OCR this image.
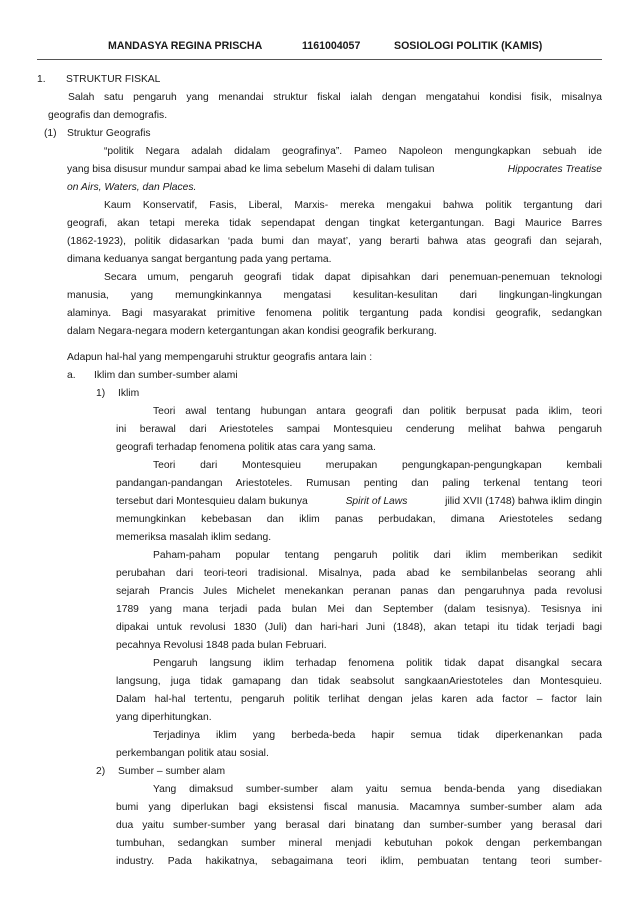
MANDASYA REGINA PRISCHA	1161004057	SOSIOLOGI POLITIK (KAMIS)
1. STRUKTUR FISKAL
Salah satu pengaruh yang menandai struktur fiskal ialah dengan mengatahui kondisi fisik, misalnya
geografis dan demografis.
(1) Struktur Geografis
“politik Negara adalah didalam geografinya”. Pameo Napoleon mengungkapkan sebuah ide
yang bisa disusur mundur sampai abad ke lima sebelum Masehi di dalam tulisan	Hippocrates Treatise
on Airs, Waters, dan Places.
Kaum Konservatif, Fasis, Liberal, Marxis- mereka mengakui bahwa politik tergantung dari
geografi, akan tetapi mereka tidak sependapat dengan tingkat ketergantungan. Bagi Maurice Barres
(1862-1923), politik didasarkan ‘pada bumi dan mayat’, yang berarti bahwa atas geografi dan sejarah,
dimana keduanya sangat bergantung pada yang pertama.
Secara umum, pengaruh geografi tidak dapat dipisahkan dari penemuan-penemuan teknologi
manusia, yang memungkinkannya mengatasi kesulitan-kesulitan dari lingkungan-lingkungan
alaminya. Bagi masyarakat primitive fenomena politik tergantung pada kondisi geografik, sedangkan
dalam Negara-negara modern ketergantungan akan kondisi geografik berkurang.
Adapun hal-hal yang mempengaruhi struktur geografis antara lain :
a. Iklim dan sumber-sumber alami
1) Iklim
Teori awal tentang hubungan antara geografi dan politik berpusat pada iklim, teori
ini berawal dari Ariestoteles sampai Montesquieu cenderung melihat bahwa pengaruh
geografi terhadap fenomena politik atas cara yang sama.
Teori dari Montesquieu merupakan pengungkapan-pengungkapan kembali
pandangan-pandangan Ariestoteles. Rumusan penting dan paling terkenal tentang teori
tersebut dari Montesquieu dalam bukunya	Spirit of Laws	jilid XVII (1748) bahwa iklim dingin
memungkinkan kebebasan dan iklim panas perbudakan, dimana Ariestoteles sedang
memeriksa masalah iklim sedang.
Paham-paham popular tentang pengaruh politik dari iklim memberikan sedikit
perubahan dari teori-teori tradisional. Misalnya, pada abad ke sembilanbelas seorang ahli
sejarah Prancis Jules Michelet menekankan peranan panas dan pengaruhnya pada revolusi
1789 yang mana terjadi pada bulan Mei dan September (dalam tesisnya). Tesisnya ini
dipakai untuk revolusi 1830 (Juli) dan hari-hari Juni (1848), akan tetapi itu tidak terjadi bagi
pecahnya Revolusi 1848 pada bulan Februari.
Pengaruh langsung iklim terhadap fenomena politik tidak dapat disangkal secara
langsung, juga tidak gamapang dan tidak seabsolut sangkaanAriestoteles dan Montesquieu.
Dalam hal-hal tertentu, pengaruh politik terlihat dengan jelas karen ada factor – factor lain
yang diperhitungkan.
Terjadinya iklim yang berbeda-beda hapir semua tidak diperkenankan pada
perkembangan politik atau sosial.
2) Sumber – sumber alam
Yang dimaksud sumber-sumber alam yaitu semua benda-benda yang disediakan
bumi yang diperlukan bagi eksistensi fiscal manusia. Macamnya sumber-sumber alam ada
dua yaitu sumber-sumber yang berasal dari binatang dan sumber-sumber yang berasal dari
tumbuhan, sedangkan sumber mineral menjadi kebutuhan pokok dengan perkembangan
industry. Pada hakikatnya, sebagaimana teori iklim, pembuatan tentang teori sumber-
